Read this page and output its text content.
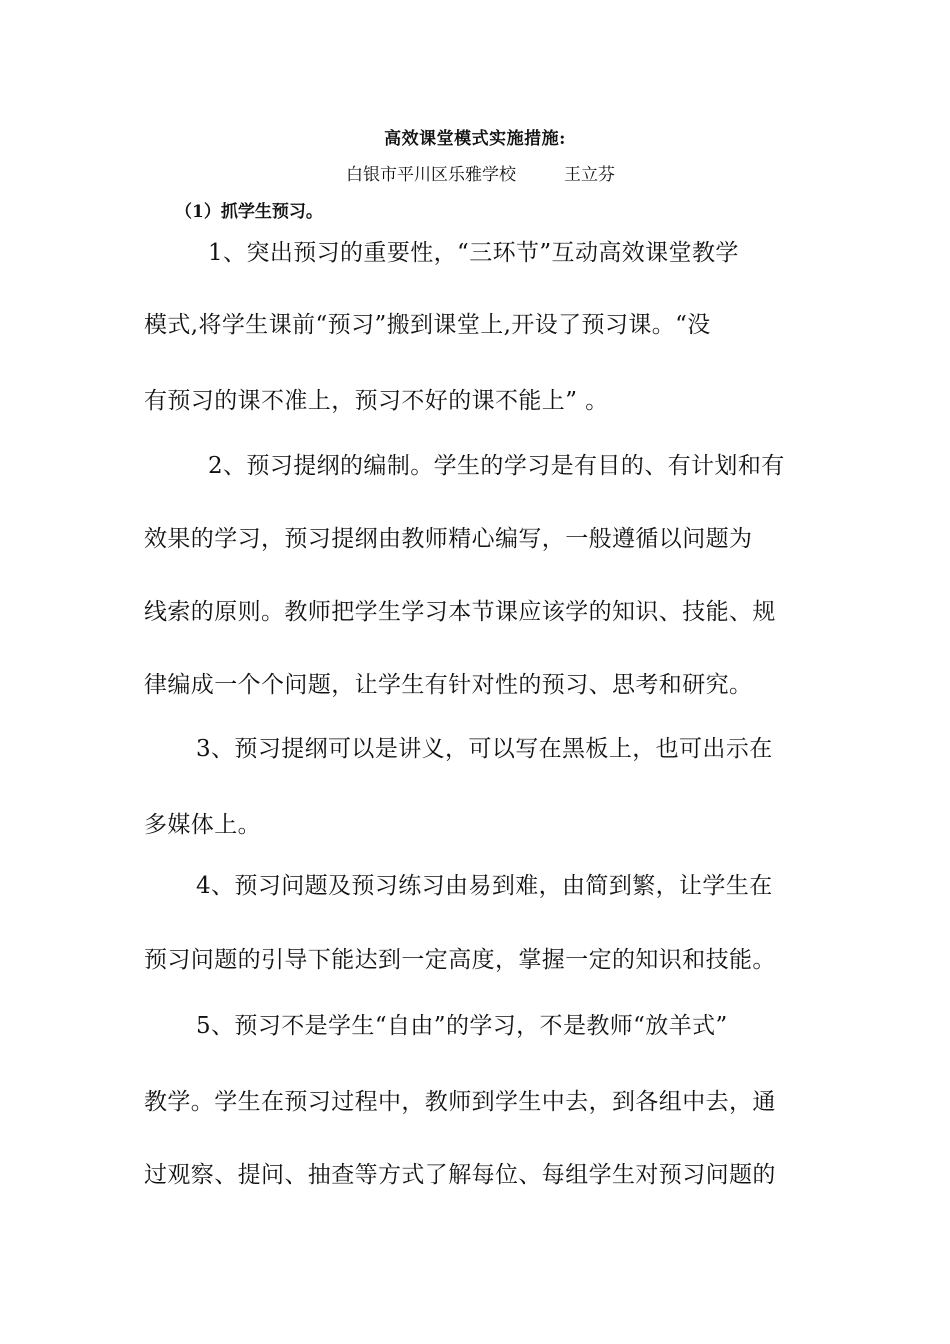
高效课堂模式实施措施:
白银市平川区乐雅学校	王立芬
（1）抓学生预习。
1、突出预习的重要性，“三环节”互动高效课堂教学
模式,将学生课前“预习”搬到课堂上,开设了预习课。“没
有预习的课不准上，预习不好的课不能上” 。
2、预习提纲的编制。学生的学习是有目的、有计划和有
效果的学习，预习提纲由教师精心编写，一般遵循以问题为
线索的原则。教师把学生学习本节课应该学的知识、技能、规
律编成一个个问题，让学生有针对性的预习、思考和研究。
3、预习提纲可以是讲义，可以写在黑板上，也可出示在
多媒体上。
4、预习问题及预习练习由易到难，由简到繁，让学生在
预习问题的引导下能达到一定高度，掌握一定的知识和技能。
5、预习不是学生“自由”的学习，不是教师“放羊式”
教学。学生在预习过程中，教师到学生中去，到各组中去，通
过观察、提问、抽查等方式了解每位、每组学生对预习问题的
